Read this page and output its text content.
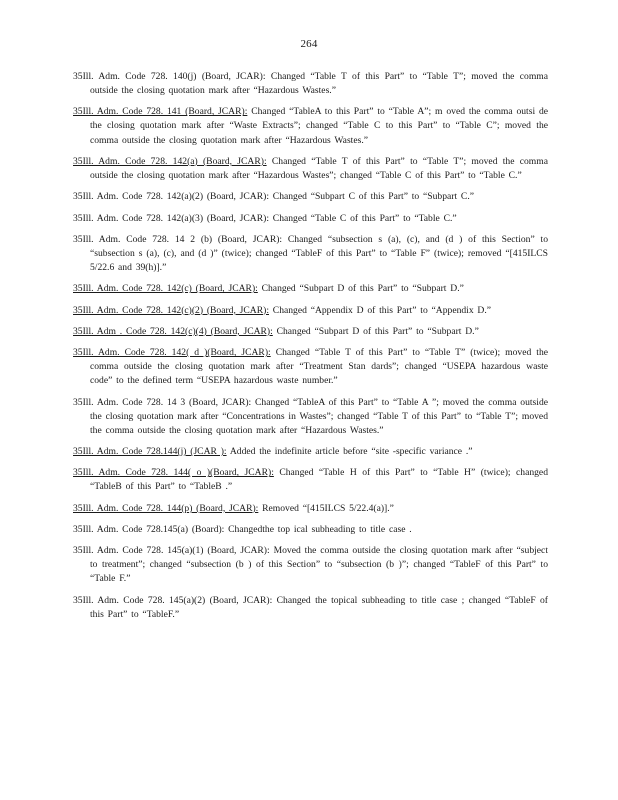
264

35Ill. Adm. Code 728. 140(j) (Board, JCAR): Changed “Table T of this Part” to “Table T”; moved the comma outside the closing quotation mark after “Hazardous Wastes.”

35Ill. Adm. Code 728. 141 (Board, JCAR): Changed “TableA to this Part” to “Table A”; m oved the comma outsi de the closing quotation mark after “Waste Extracts”; changed “Table C to this Part” to “Table C”; moved the comma outside the closing quotation mark after “Hazardous Wastes.”

35Ill. Adm. Code 728. 142(a) (Board, JCAR): Changed “Table T of this Part” to “Table T”; moved the comma outside the closing quotation mark after “Hazardous Wastes”; changed “Table C of this Part” to “Table C.”

35Ill. Adm. Code 728. 142(a)(2) (Board, JCAR): Changed “Subpart C of this Part” to “Subpart C.”

35Ill. Adm. Code 728. 142(a)(3) (Board, JCAR): Changed “Table C of this Part” to “Table C.”

35Ill. Adm. Code 728. 14 2 (b) (Board, JCAR): Changed “subsection s (a), (c), and (d ) of this Section” to “subsection s (a), (c), and (d )” (twice); changed “TableF of this Part” to “Table F” (twice); removed “[415ILCS 5/22.6 and 39(h)].”

35Ill. Adm. Code 728. 142(c) (Board, JCAR): Changed “Subpart D of this Part” to “Subpart D.”

35Ill. Adm. Code 728. 142(c)(2) (Board, JCAR): Changed “Appendix D of this Part” to “Appendix D.”

35Ill. Adm . Code 728. 142(c)(4) (Board, JCAR): Changed “Subpart D of this Part” to “Subpart D.”

35Ill. Adm. Code 728. 142( d )(Board, JCAR): Changed “Table T of this Part” to “Table T” (twice); moved the comma outside the closing quotation mark after “Treatment Stan dards”; changed “USEPA hazardous waste code” to the defined term “USEPA hazardous waste number.”

35Ill. Adm. Code 728. 14 3 (Board, JCAR): Changed “TableA of this Part” to “Table A ”; moved the comma outside the closing quotation mark after “Concentrations in Wastes”; changed “Table T of this Part” to “Table T”; moved the comma outside the closing quotation mark after “Hazardous Wastes.”

35Ill. Adm. Code 728.144(j) (JCAR ): Added the indefinite article before “site -specific variance .”

35Ill. Adm. Code 728. 144( o )(Board, JCAR): Changed “Table H of this Part” to “Table H” (twice); changed “TableB of this Part” to “TableB .”

35Ill. Adm. Code 728. 144(p) (Board, JCAR): Removed “[415ILCS 5/22.4(a)].”

35Ill. Adm. Code 728.145(a) (Board): Changedthe top ical subheading to title case .

35Ill. Adm. Code 728. 145(a)(1) (Board, JCAR): Moved the comma outside the closing quotation mark after “subject to treatment”; changed “subsection (b ) of this Section” to “subsection (b )”; changed “TableF of this Part” to “Table F.”

35Ill. Adm. Code 728. 145(a)(2) (Board, JCAR): Changed the topical subheading to title case ; changed “TableF of this Part” to “TableF.”
